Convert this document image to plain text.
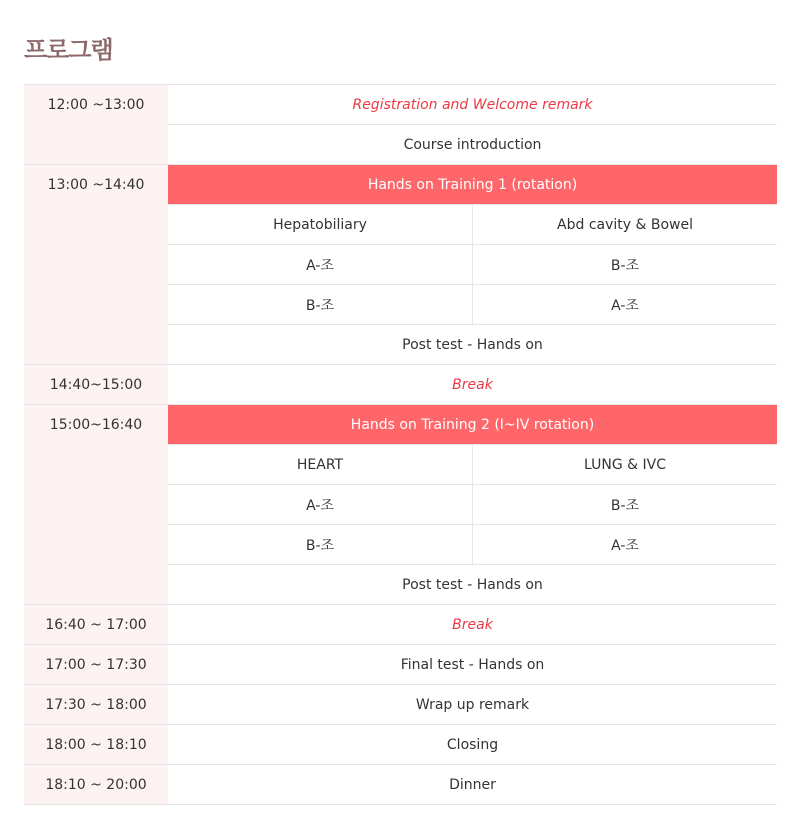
프로그램
12:00 ~13:00	Registration and Welcome remark	
	Course introduction	
13:00 ~14:40	Hands on Training 1 (rotation)	
	Hepatobiliary	Abd cavity & Bowel
	A-조	B-조
	B-조	A-조
	Post test - Hands on	
14:40~15:00	Break	
15:00~16:40	Hands on Training 2 (I~IV rotation)	
	HEART	LUNG & IVC
	A-조	B-조
	B-조	A-조
	Post test - Hands on	
16:40 ~ 17:00	Break	
17:00 ~ 17:30	Final test - Hands on	
17:30 ~ 18:00	Wrap up remark	
18:00 ~ 18:10	Closing	
18:10 ~ 20:00	Dinner	
